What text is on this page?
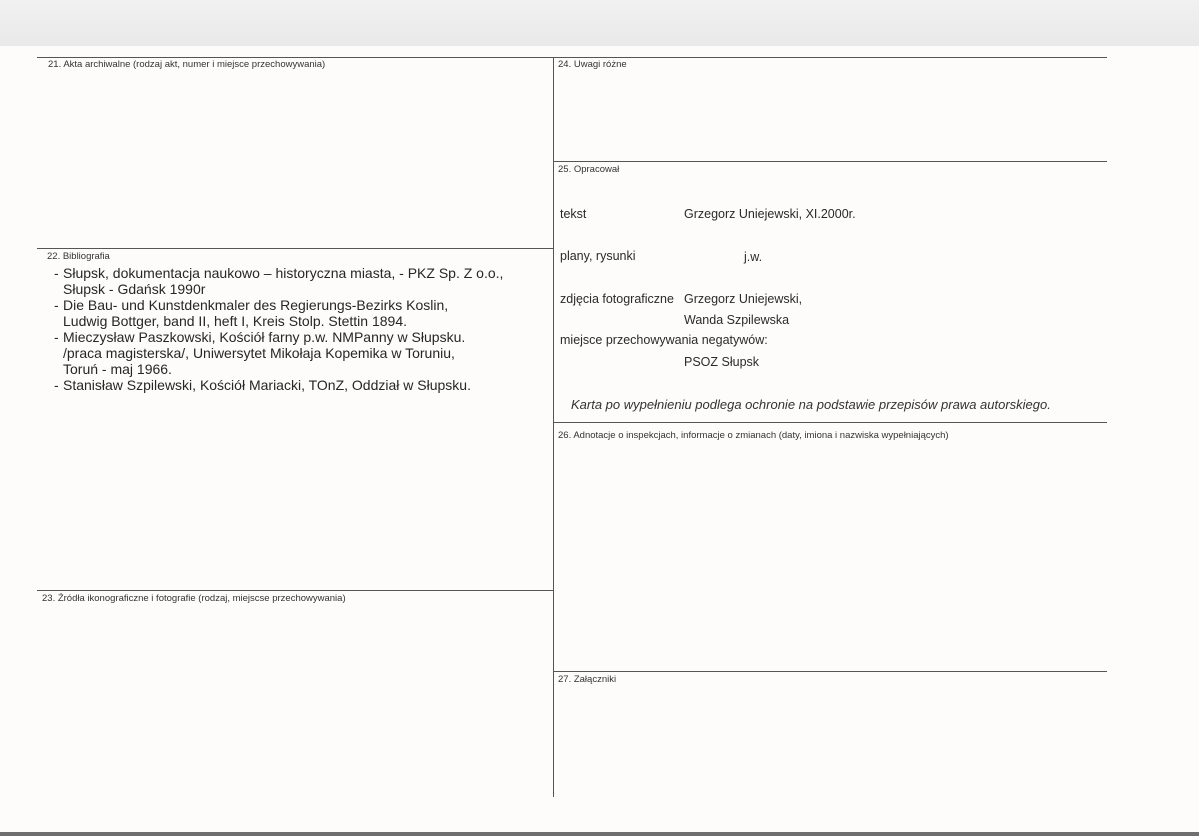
21. Akta archiwalne (rodzaj akt, numer i miejsce przechowywania)
22. Bibliografia
- Słupsk, dokumentacja naukowo – historyczna miasta, - PKZ Sp. Z o.o.,
Słupsk - Gdańsk 1990r
- Die Bau- und Kunstdenkmaler des Regierungs-Bezirks Koslin,
Ludwig Bottger, band II, heft I, Kreis Stolp. Stettin 1894.
- Mieczysław Paszkowski, Kościół farny p.w. NMPanny w Słupsku.
/praca magisterska/, Uniwersytet Mikołaja Kopemika w Toruniu,
Toruń - maj 1966.
- Stanisław Szpilewski, Kościół Mariacki, TOnZ, Oddział w Słupsku.
23. Źródła ikonograficzne i fotografie (rodzaj, miejscse przechowywania)
24. Uwagi różne
25. Opracował
tekst	Grzegorz Uniejewski, XI.2000r.
plany, rysunki	j.w.
zdjęcia fotograficzne Grzegorz Uniejewski,
Wanda Szpilewska
miejsce przechowywania negatywów:
PSOZ Słupsk
Karta po wypełnieniu podlega ochronie na podstawie przepisów prawa autorskiego.
26. Adnotacje o inspekcjach, informacje o zmianach (daty, imiona i nazwiska wypełniających)
27. Załączniki
